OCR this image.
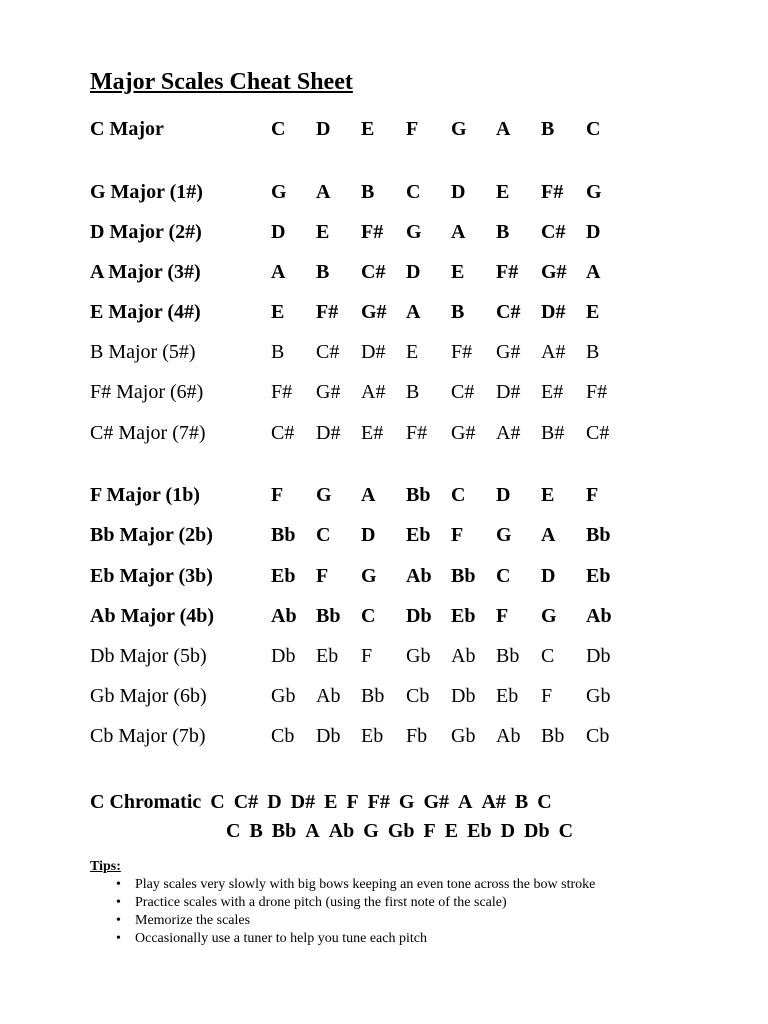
Major Scales Cheat Sheet
C Major	C D E F G A B C
G Major (1#)	G A B C D E F# G
D Major (2#)	D E F# G A B C# D
A Major (3#)	A B C# D E F# G# A
E Major (4#)	E F# G# A B C# D# E
B Major (5#)	B C# D# E F# G# A# B
F# Major (6#)	F# G# A# B C# D# E# F#
C# Major (7#)	C# D# E# F# G# A# B# C#
F Major (1b)	F G A Bb C D E F
Bb Major (2b)	Bb C D Eb F G A Bb
Eb Major (3b)	Eb F G Ab Bb C D Eb
Ab Major (4b)	Ab Bb C Db Eb F G Ab
Db Major (5b)	Db Eb F Gb Ab Bb C Db
Gb Major (6b)	Gb Ab Bb Cb Db Eb F Gb
Cb Major (7b)	Cb Db Eb Fb Gb Ab Bb Cb
C Chromatic C C# D D# E F F# G G# A A# B C
C B Bb A Ab G Gb F E Eb D Db C

Tips:

• Play scales very slowly with big bows keeping an even tone across the bow stroke
• Practice scales with a drone pitch (using the first note of the scale)
• Memorize the scales
• Occasionally use a tuner to help you tune each pitch
